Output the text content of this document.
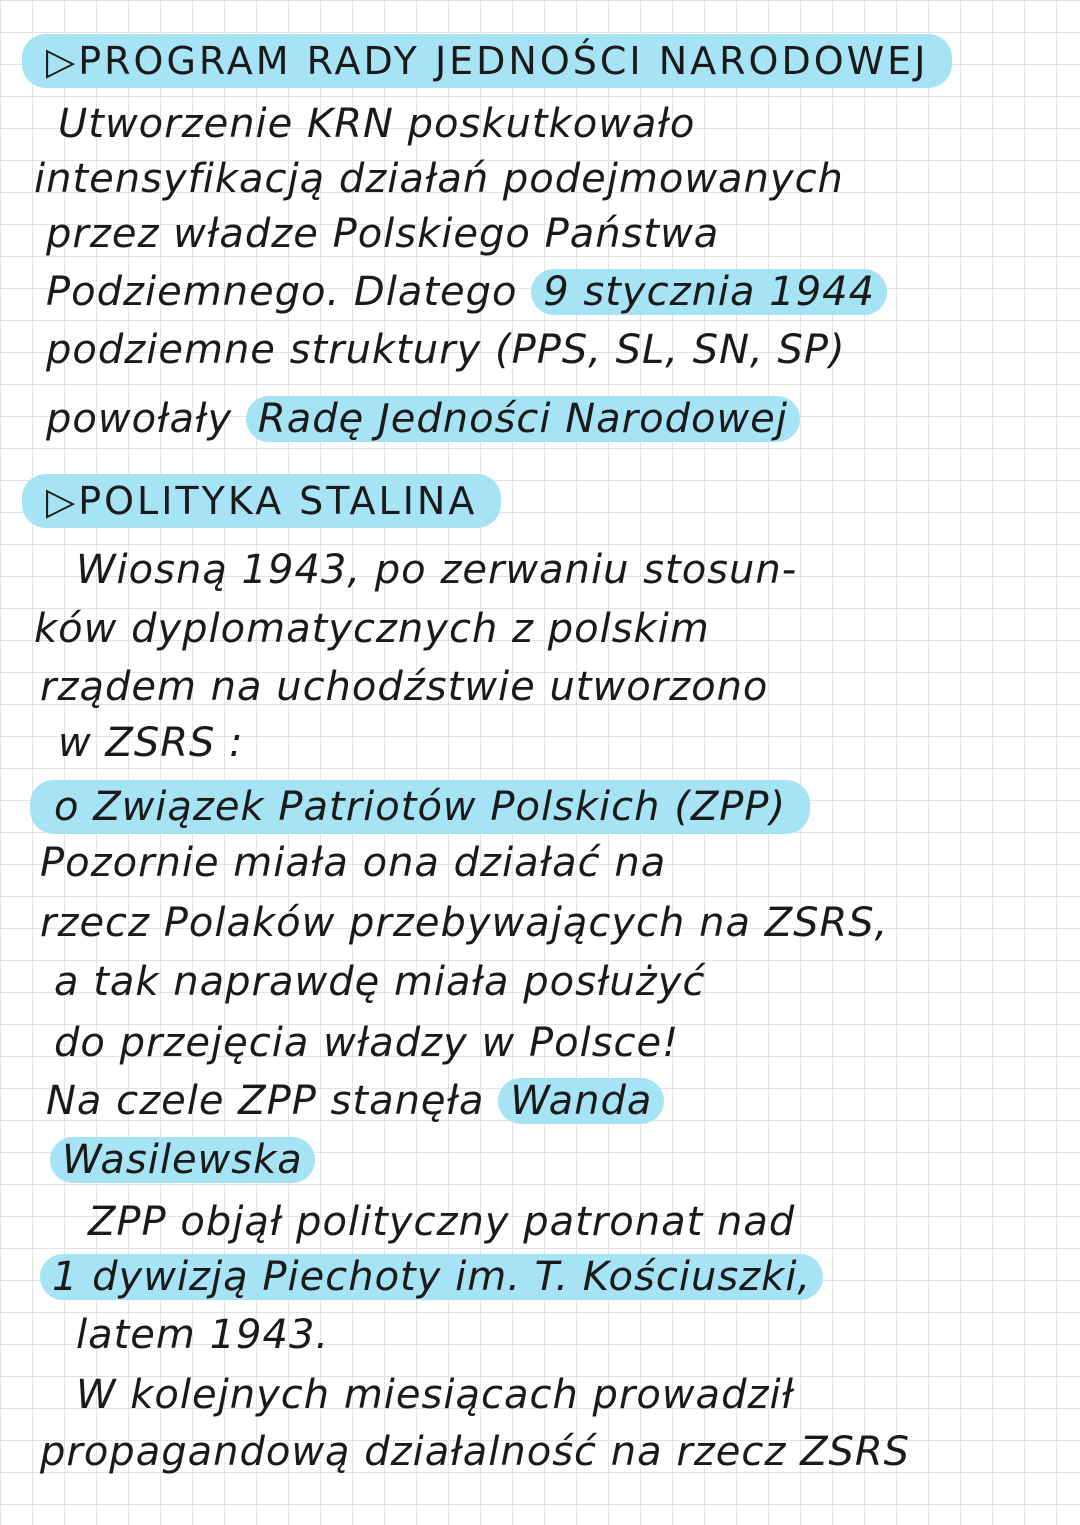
▷PROGRAM RADY JEDNOŚCI NARODOWEJ
Utworzenie KRN poskutkowało
intensyfikacją działań podejmowanych
przez władze Polskiego Państwa
Podziemnego. Dlatego 9 stycznia 1944
podziemne struktury (PPS, SL, SN, SP)
powołały Radę Jedności Narodowej
▷POLITYKA STALINA
Wiosną 1943, po zerwaniu stosun-
ków dyplomatycznych z polskim
rządem na uchodźstwie utworzono
w ZSRS :
o Związek Patriotów Polskich (ZPP)
Pozornie miała ona działać na
rzecz Polaków przebywających na ZSRS,
a tak naprawdę miała posłużyć
do przejęcia władzy w Polsce!
Na czele ZPP stanęła Wanda
Wasilewska
ZPP objął polityczny patronat nad
1 dywizją Piechoty im. T. Kościuszki,
latem 1943.
W kolejnych miesiącach prowadził
propagandową działalność na rzecz ZSRS
